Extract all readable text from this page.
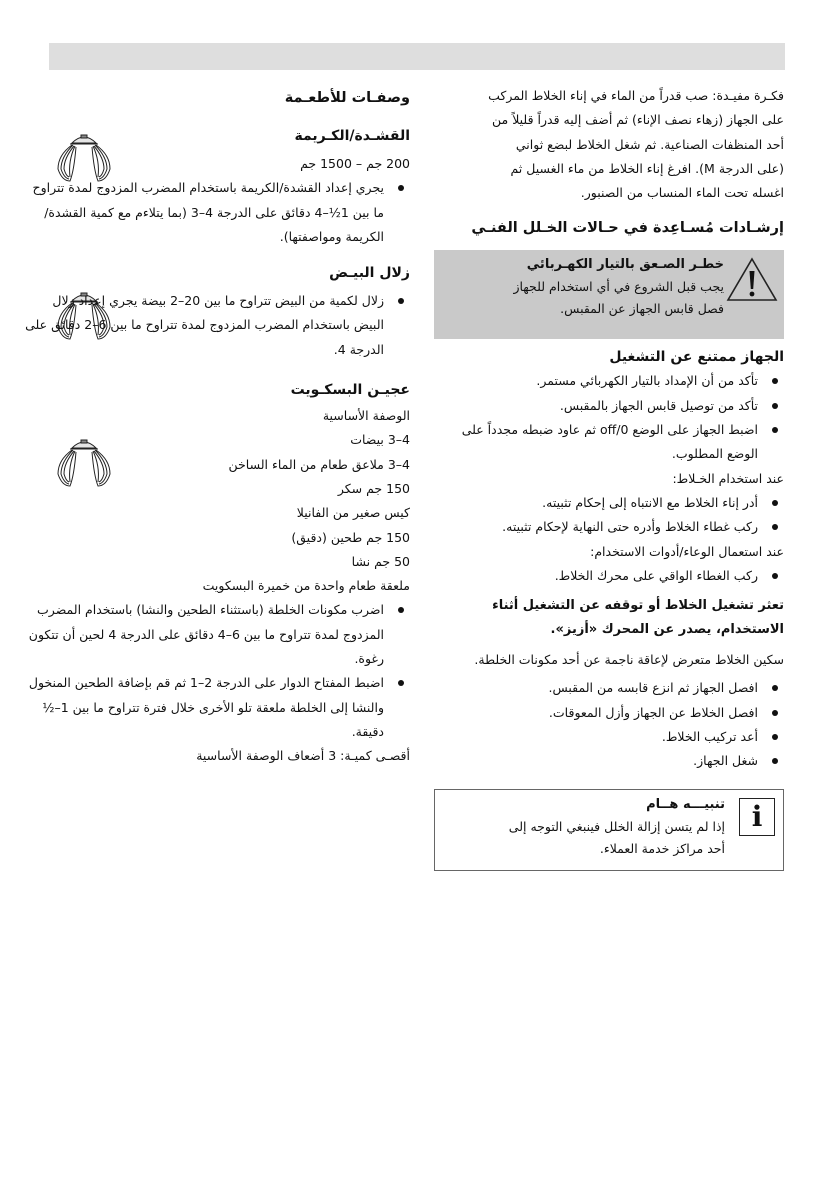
فكـرة مفيـدة: صب قدراً من الماء في إناء الخلاط المركب

على الجهاز (زهاء نصف الإناء) ثم أضف إليه قدراً قليلاً من

أحد المنظفات الصناعية. ثم شغل الخلاط لبضع ثواني

(على الدرجة M). افرغ إناء الخلاط من ماء الغسيل ثم

اغسله تحت الماء المنساب من الصنبور.

إرشـادات مُسـاعِدة في حـالات الخـلل الفنـي
خطـر الصـعق بالتيار الكهـربائي
يجب قبل الشروع في أي استخدام للجهاز
فصل قابس الجهاز عن المقبس.
الجهاز ممتنع عن التشغيل
تأكد من أن الإمداد بالتيار الكهربائي مستمر.
تأكد من توصيل قابس الجهاز بالمقبس.
اضبط الجهاز على الوضع 0/off ثم عاود ضبطه مجدداً على الوضع المطلوب.

عند استخدام الخـلاط:

أدر إناء الخلاط مع الانتباه إلى إحكام تثبيته.
ركب غطاء الخلاط وأدره حتى النهاية لإحكام تثبيته.

عند استعمال الوعاء/أدوات الاستخدام:

ركب الغطاء الواقي على محرك الخلاط.
تعثر تشغيل الخلاط أو توقفه عن التشغيل أثناء
الاستخدام، يصدر عن المحرك «أزيز».

سكين الخلاط متعرض لإعاقة ناجمة عن أحد مكونات الخلطة.

افصل الجهاز ثم انزع قابسه من المقبس.
افصل الخلاط عن الجهاز وأزل المعوقات.
أعد تركيب الخلاط.
شغل الجهاز.
i
تنبيـــه هــام
إذا لم يتسن إزالة الخلل فينبغي التوجه إلى
أحد مراكز خدمة العملاء.
وصفـات للأطعـمة
القشـدة/الكـريمة

200 جم – 1500 جم

يجري إعداد القشدة/الكريمة باستخدام المضرب المزدوج لمدة تتراوح ما بين 1½–4 دقائق على الدرجة 4–3 (بما يتلاءم مع كمية القشدة/الكريمة ومواصفتها).
زلال البيـض
زلال لكمية من البيض تتراوح ما بين 20–2 بيضة يجري إعداد زلال البيض باستخدام المضرب المزدوج لمدة تتراوح ما بين 6–2 دقائق على الدرجة 4.
عجيـن البسكـويت

الوصفة الأساسية

4–3 بيضات

4–3 ملاعق طعام من الماء الساخن

150 جم سكر

كيس صغير من الفانيلا

150 جم طحين (دقيق)

50 جم نشا

ملعقة طعام واحدة من خميرة البسكويت

اضرب مكونات الخلطة (باستثناء الطحين والنشا) باستخدام المضرب المزدوج لمدة تتراوح ما بين 6–4 دقائق على الدرجة 4 لحين أن تتكون رغوة.
اضبط المفتاح الدوار على الدرجة 2–1 ثم قم بإضافة الطحين المنخول والنشا إلى الخلطة ملعقة تلو الأخرى خلال فترة تتراوح ما بين 1–½ دقيقة.

أقصـى كميـة: 3 أضعاف الوصفة الأساسية
